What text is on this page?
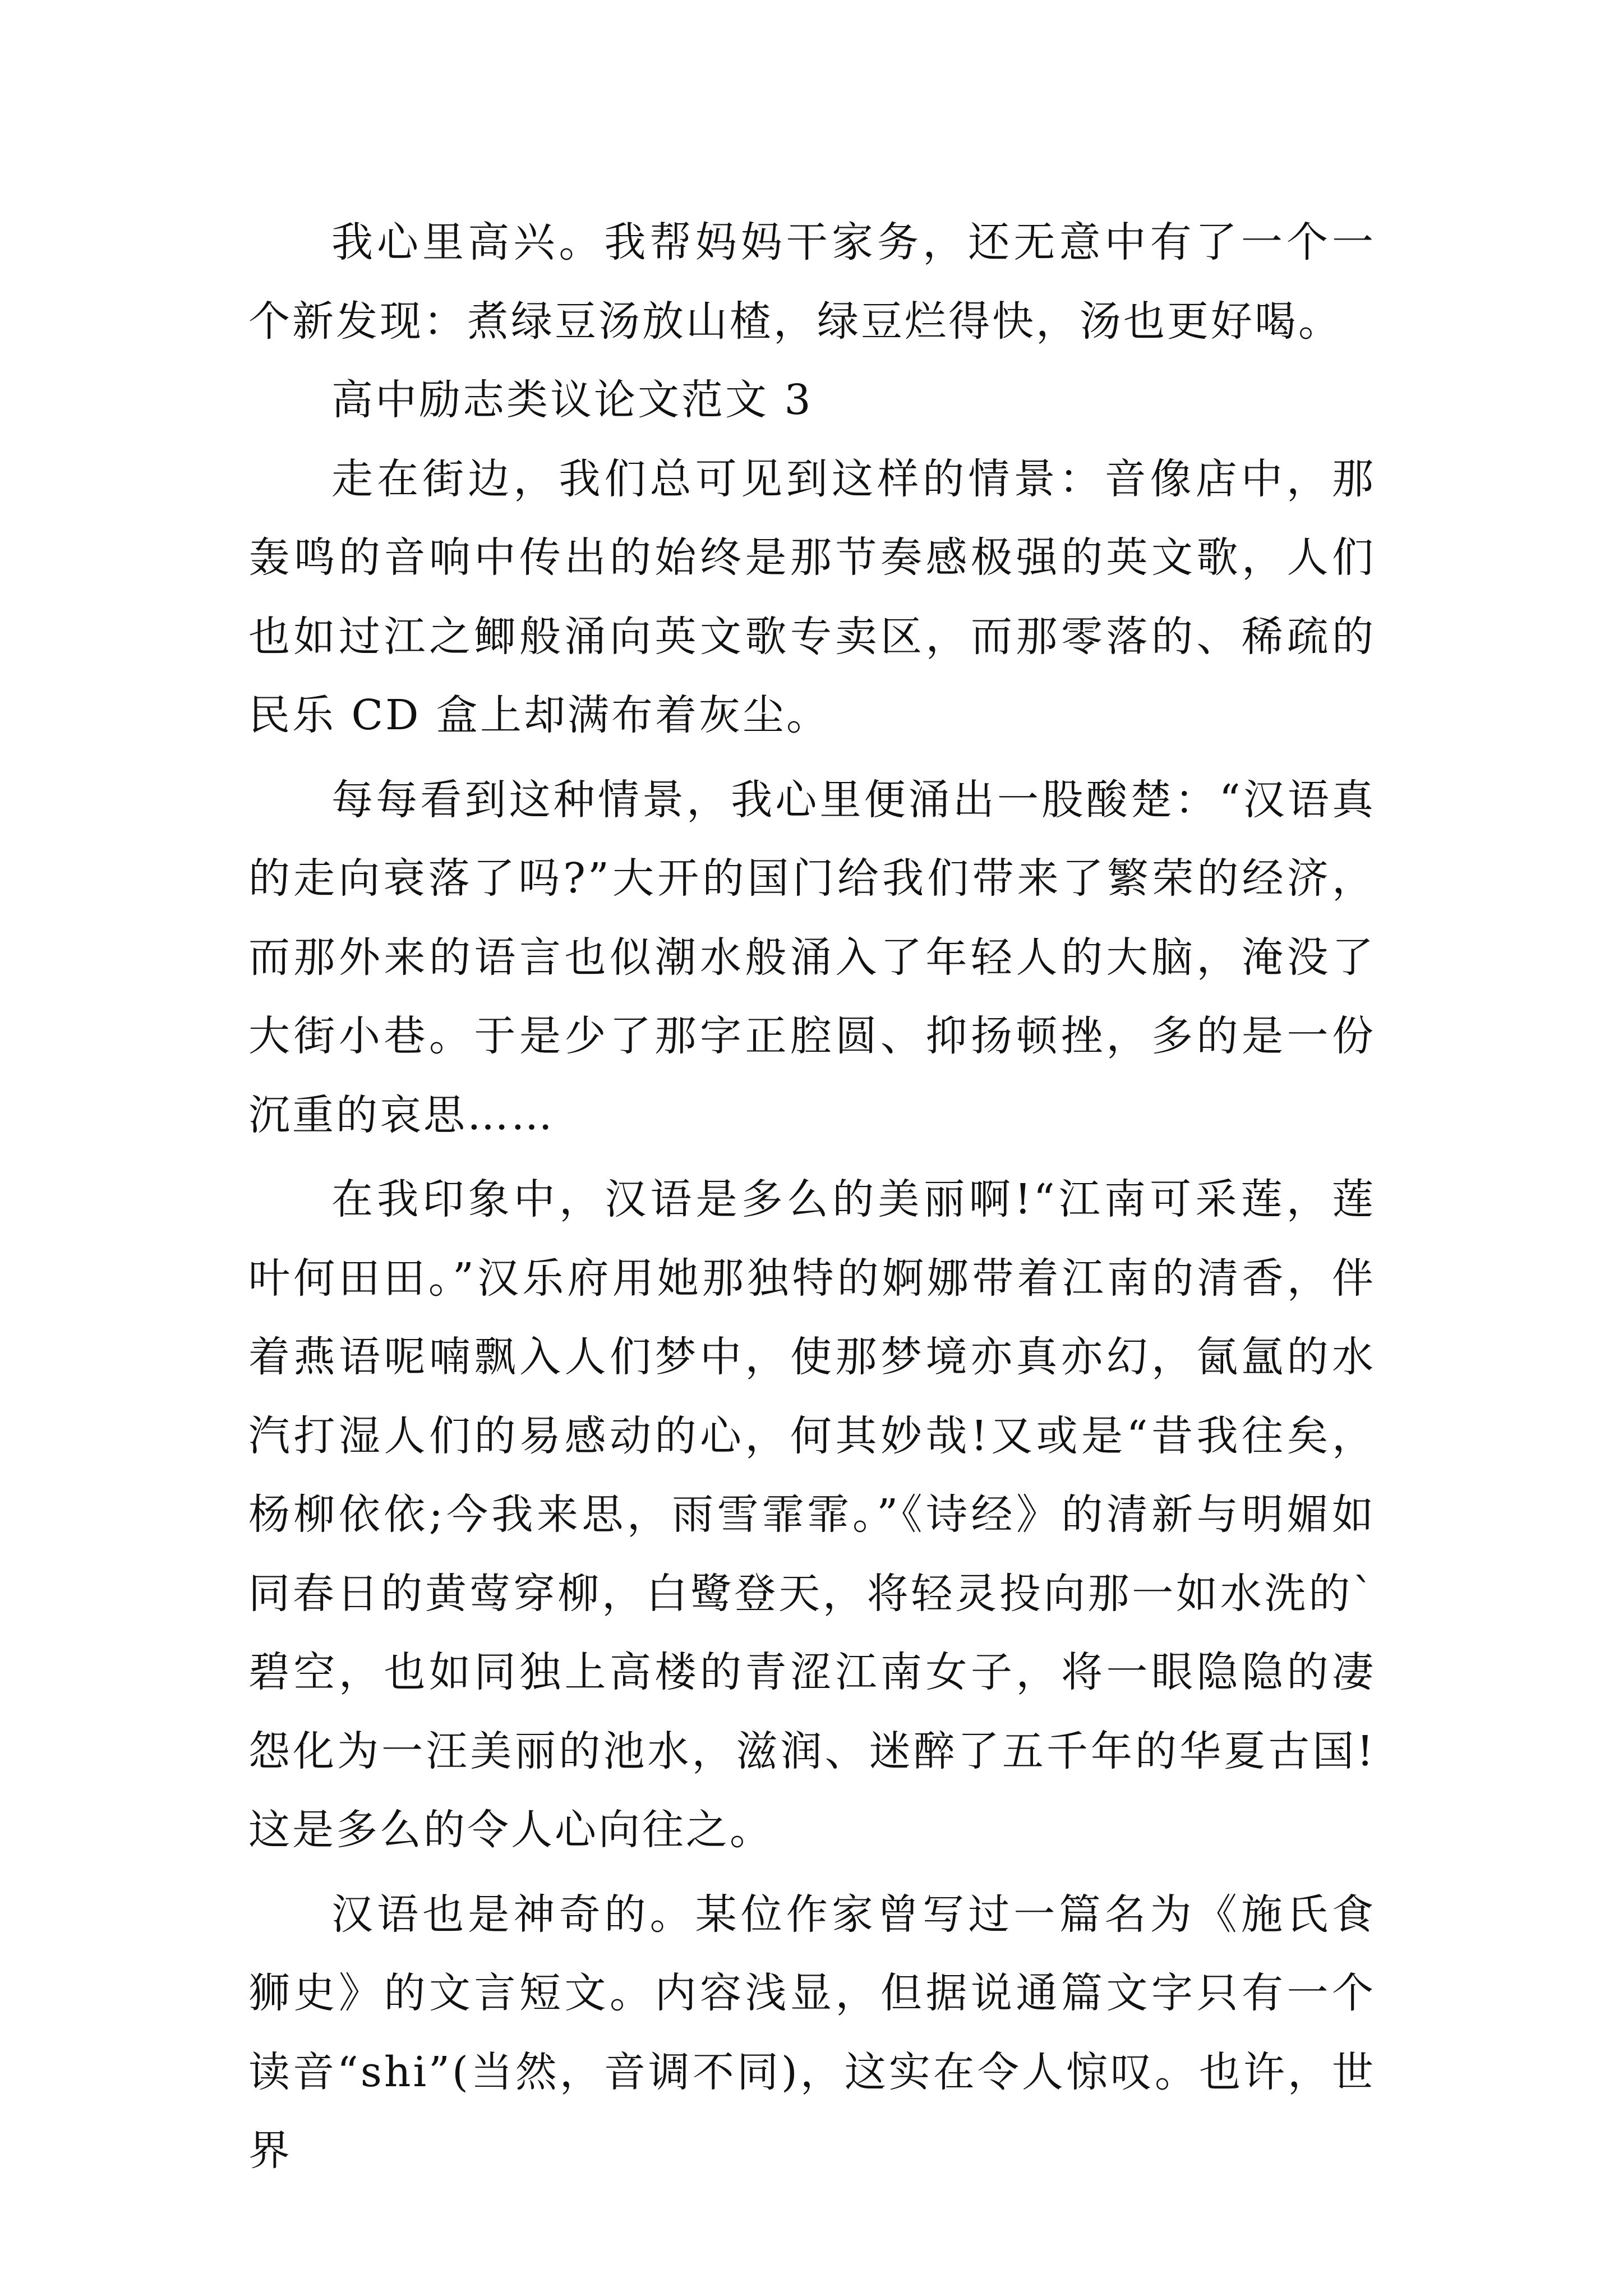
我心里高兴。我帮妈妈干家务，还无意中有了一个一个新发现：煮绿豆汤放山楂，绿豆烂得快，汤也更好喝。

高中励志类议论文范文 3

走在街边，我们总可见到这样的情景：音像店中，那轰鸣的音响中传出的始终是那节奏感极强的英文歌，人们也如过江之鲫般涌向英文歌专卖区，而那零落的、稀疏的民乐 CD 盒上却满布着灰尘。

每每看到这种情景，我心里便涌出一股酸楚：“汉语真的走向衰落了吗?”大开的国门给我们带来了繁荣的经济，而那外来的语言也似潮水般涌入了年轻人的大脑，淹没了大街小巷。于是少了那字正腔圆、抑扬顿挫，多的是一份沉重的哀思……

在我印象中，汉语是多么的美丽啊!“江南可采莲，莲叶何田田。”汉乐府用她那独特的婀娜带着江南的清香，伴着燕语呢喃飘入人们梦中，使那梦境亦真亦幻，氤氲的水汽打湿人们的易感动的心，何其妙哉!又或是“昔我往矣，杨柳依依;今我来思，雨雪霏霏。”《诗经》的清新与明媚如同春日的黄莺穿柳，白鹭登天，将轻灵投向那一如水洗的`碧空，也如同独上高楼的青涩江南女子，将一眼隐隐的凄怨化为一汪美丽的池水，滋润、迷醉了五千年的华夏古国!这是多么的令人心向往之。

汉语也是神奇的。某位作家曾写过一篇名为《施氏食狮史》的文言短文。内容浅显，但据说通篇文字只有一个读音“shi”(当然，音调不同)，这实在令人惊叹。也许，世界
